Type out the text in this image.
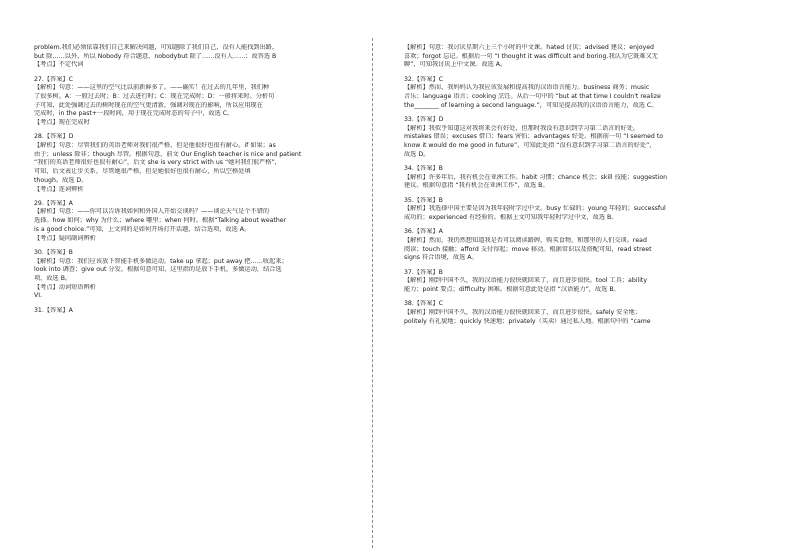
problem.我们必须依靠我们自己来解决问题，可知题除了我们自己，没有人能找到出路,
but 除……以外，所以 Nobody 符合题意，nobodybut 除了……没有人……；故答选 B
【考点】不定代词
27.【答案】C
【解析】句意：——这里的空气比以前新鲜多了。——确实！在过去的几年里，我们种
了很多树。A：一般过去时；B：过去进行时；C：现在完成时；D：一般将来时。分析句
子可知，此处强调过去的树时现在的空气更清新，强调对现在的影响，所以应用现在
完成时，in the past+一段时间，用于现在完成时态的句子中，故选 C。
【考点】现在完成时
28.【答案】D
【解析】句意：尽管我们的英语老师对我们很严格，但是他很好也很有耐心。if 如果；as
由于；unless 除非；though 尽管。根据句意，前文 Our English teacher is nice and patient
“我们的英语老师很好也很有耐心”，后文 she is very strict with us “她对我们很严格”，
可知，后文表让步关系，尽管她很严格，但是她很好也很有耐心，所以空格处填
though。故选 D。
【考点】连词辨析
29.【答案】A
【解析】句意：——你可以告诉我如何和外国人开始交谈吗？——谈论天气是个不错的
选择。how 如何；why 为什么；where 哪里；when 何时。根据“Talking about weather
is a good choice.”可知，上文问的是如何开场打开话题，结合选项，故选 A。
【考点】疑问副词辨析
30.【答案】B
【解析】句意：我们应该放下智能手机多做运动。take up 拿起；put away 把……收起来；
look into 调查；give out 分发。根据句意可知，这里指的是放下手机，多做运动，结合选
项，故选 B。
【考点】动词短语辨析
VI.
31.【答案】A
【解析】句意：我讨厌星期六上三个小时的中文课。hated 讨厌；advised 建议；enjoyed
喜欢；forgot 忘记。根据后一句 “I thought it was difficult and boring.我认为它既难又无
聊”，可知我讨厌上中文课。故选 A。
32.【答案】C
【解析】然而，我妈妈认为我应该发展和提高我的汉语语言能力。business 商务；music
音乐；language 语言；cooking 烹饪。从后一句中的 “but at that time I couldn't realize
the________ of learning a second language.”，可知是提高我的汉语语言能力，故选 C。
33.【答案】D
【解析】我似乎知道这对我将来会有好处，但那时我没有意识到学习第二语言的好处。
mistakes 错误；excuses 借口；fears 害怕；advantages 好处。根据前一句 “I seemed to
know it would do me good in future”，可知此处指 “没有意识到学习第二语言的好处”，
故选 D。
34.【答案】B
【解析】许多年后，我有机会在亚洲工作。habit 习惯；chance 机会；skill 技能；suggestion
建议。根据句意指 “我有机会在亚洲工作”，故选 B。
35.【答案】B
【解析】我选择中国主要是因为我年轻时学过中文。busy 忙碌的；young 年轻的；successful
成功的；experienced 有经验的。根据上文可知我年轻时学过中文，故选 B。
36.【答案】A
【解析】然而，我仍然想知道我是否可以阅读路牌，购买食物，和那里的人们交谈。read
阅读；touch 接触；afford 支付得起；move 移动。根据常识以及搭配可知，read street
signs 符合语境，故选 A。
37.【答案】B
【解析】刚到中国不久，我的汉语能力很快就回来了，而且进步很快。tool 工具；ability
能力；point 要点；difficulty 困难。根据句意此处是指 “汉语能力”，故选 B。
38.【答案】C
【解析】刚到中国不久，我的汉语能力很快就回来了，而且进步很快。safely 安全地；
politely 有礼貌地；quickly 快速地；privately（买卖）通过私人地。根据句中的 “came
